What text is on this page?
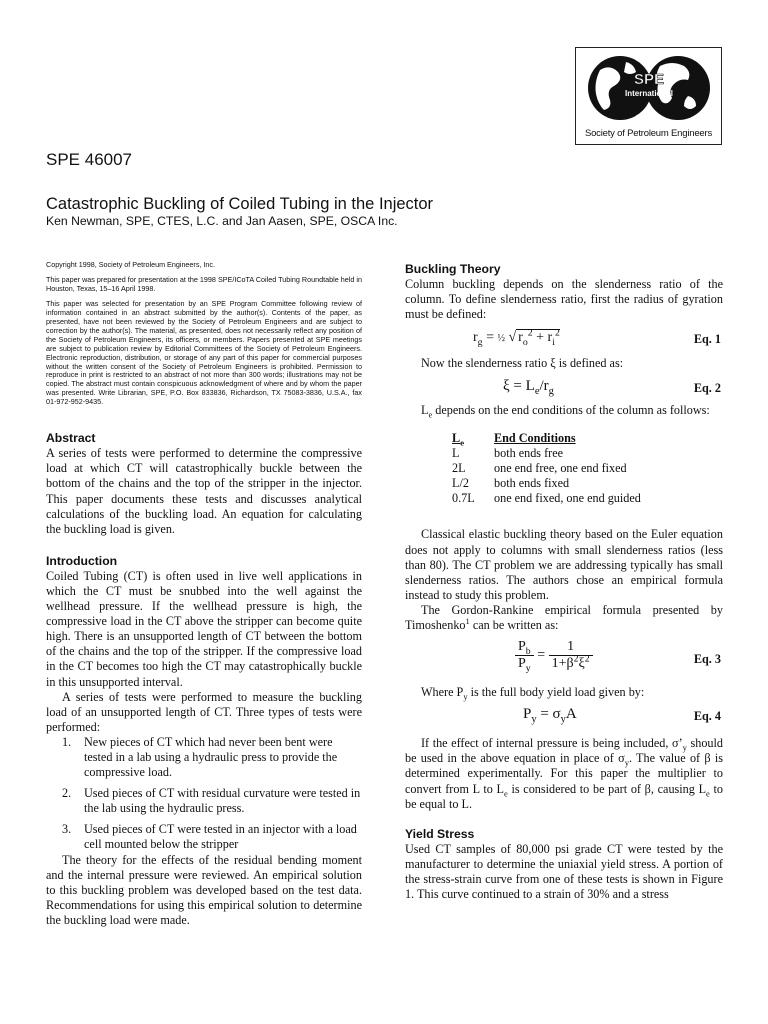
SPE
International
Society of Petroleum Engineers
SPE 46007
Catastrophic Buckling of Coiled Tubing in the Injector
Ken Newman, SPE, CTES, L.C. and Jan Aasen, SPE, OSCA Inc.

Copyright 1998, Society of Petroleum Engineers, Inc.

This paper was prepared for presentation at the 1998 SPE/ICoTA Coiled Tubing Roundtable held in Houston, Texas, 15–16 April 1998.

This paper was selected for presentation by an SPE Program Committee following review of information contained in an abstract submitted by the author(s). Contents of the paper, as presented, have not been reviewed by the Society of Petroleum Engineers and are subject to correction by the author(s). The material, as presented, does not necessarily reflect any position of the Society of Petroleum Engineers, its officers, or members. Papers presented at SPE meetings are subject to publication review by Editorial Committees of the Society of Petroleum Engineers. Electronic reproduction, distribution, or storage of any part of this paper for commercial purposes without the written consent of the Society of Petroleum Engineers is prohibited. Permission to reproduce in print is restricted to an abstract of not more than 300 words; illustrations may not be copied. The abstract must contain conspicuous acknowledgment of where and by whom the paper was presented. Write Librarian, SPE, P.O. Box 833836, Richardson, TX 75083-3836, U.S.A., fax 01-972-952-9435.

Abstract

A series of tests were performed to determine the compressive load at which CT will catastrophically buckle between the bottom of the chains and the top of the stripper in the injector. This paper documents these tests and discusses analytical calculations of the buckling load. An equation for calculating the buckling load is given.

Introduction

Coiled Tubing (CT) is often used in live well applications in which the CT must be snubbed into the well against the wellhead pressure. If the wellhead pressure is high, the compressive load in the CT above the stripper can become quite high. There is an unsupported length of CT between the bottom of the chains and the top of the stripper. If the compressive load in the CT becomes too high the CT may catastrophically buckle in this unsupported interval.

A series of tests were performed to measure the buckling load of an unsupported length of CT. Three types of tests were performed:

1. New pieces of CT which had never been bent were tested in a lab using a hydraulic press to provide the compressive load.
2. Used pieces of CT with residual curvature were tested in the lab using the hydraulic press.
3. Used pieces of CT were tested in an injector with a load cell mounted below the stripper

The theory for the effects of the residual bending moment and the internal pressure were reviewed. An empirical solution to this buckling problem was developed based on the test data. Recommendations for using this empirical solution to determine the buckling load were made.

Buckling Theory

Column buckling depends on the slenderness ratio of the column. To define slenderness ratio, first the radius of gyration must be defined:

$r_g$ = ½ √ $r_o^2 + r_i^2$	Eq. 1

Now the slenderness ratio ξ is defined as:

$\xi = L_e/r_g$	Eq. 2

$L_e$ depends on the end conditions of the column as follows:

$L_e$	End Conditions
L	both ends free
2L	one end free, one end fixed
L/2	both ends fixed
0.7L	one end fixed, one end guided

Classical elastic buckling theory based on the Euler equation does not apply to columns with small slenderness ratios (less than 80). The CT problem we are addressing typically has small slenderness ratios. The authors chose an empirical formula instead to study this problem.

The Gordon-Rankine empirical formula presented by Timoshenko$^1$ can be written as:

$\frac{P_b}{P_y} = \frac{1}{1+\beta^2\xi^2}$	Eq. 3

Where $P_y$ is the full body yield load given by:

$P_y = \sigma_yA$	Eq. 4

If the effect of internal pressure is being included, $\sigma’_y$ should be used in the above equation in place of $\sigma_y$. The value of β is determined experimentally. For this paper the multiplier to convert from L to $L_e$ is considered to be part of β, causing $L_e$ to be equal to L.

Yield Stress

Used CT samples of 80,000 psi grade CT were tested by the manufacturer to determine the uniaxial yield stress. A portion of the stress-strain curve from one of these tests is shown in Figure 1. This curve continued to a strain of 30% and a stress
